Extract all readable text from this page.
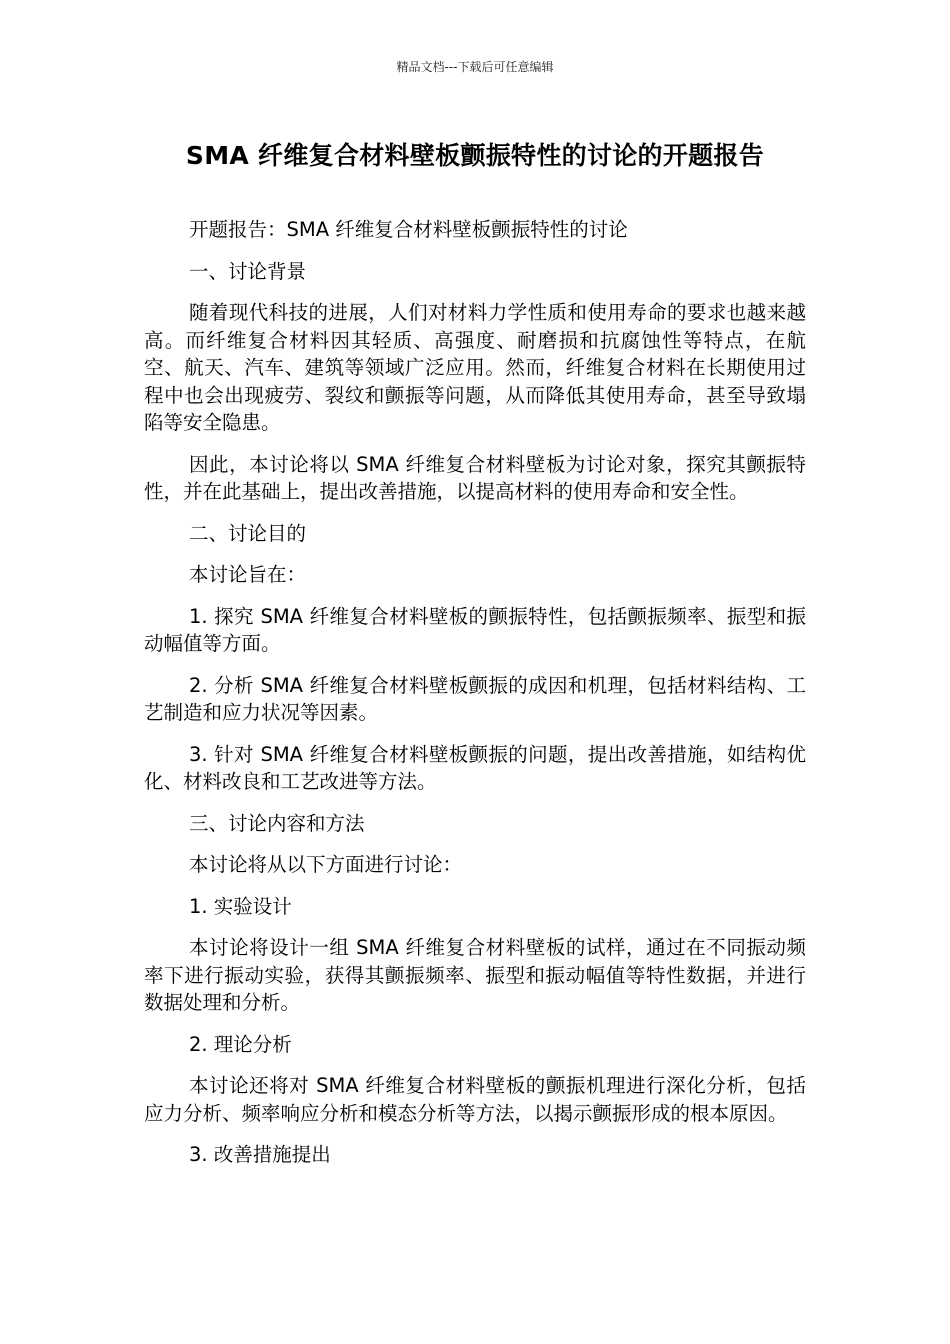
精品文档---下载后可任意编辑
SMA 纤维复合材料壁板颤振特性的讨论的开题报告

开题报告：SMA 纤维复合材料壁板颤振特性的讨论

一、讨论背景

随着现代科技的进展，人们对材料力学性质和使用寿命的要求也越来越高。而纤维复合材料因其轻质、高强度、耐磨损和抗腐蚀性等特点，在航空、航天、汽车、建筑等领域广泛应用。然而，纤维复合材料在长期使用过程中也会出现疲劳、裂纹和颤振等问题，从而降低其使用寿命，甚至导致塌陷等安全隐患。

因此，本讨论将以 SMA 纤维复合材料壁板为讨论对象，探究其颤振特性，并在此基础上，提出改善措施，以提高材料的使用寿命和安全性。

二、讨论目的

本讨论旨在：

1. 探究 SMA 纤维复合材料壁板的颤振特性，包括颤振频率、振型和振动幅值等方面。

2. 分析 SMA 纤维复合材料壁板颤振的成因和机理，包括材料结构、工艺制造和应力状况等因素。

3. 针对 SMA 纤维复合材料壁板颤振的问题，提出改善措施，如结构优化、材料改良和工艺改进等方法。

三、讨论内容和方法

本讨论将从以下方面进行讨论：

1. 实验设计

本讨论将设计一组 SMA 纤维复合材料壁板的试样，通过在不同振动频率下进行振动实验，获得其颤振频率、振型和振动幅值等特性数据，并进行数据处理和分析。

2. 理论分析

本讨论还将对 SMA 纤维复合材料壁板的颤振机理进行深化分析，包括应力分析、频率响应分析和模态分析等方法，以揭示颤振形成的根本原因。

3. 改善措施提出
